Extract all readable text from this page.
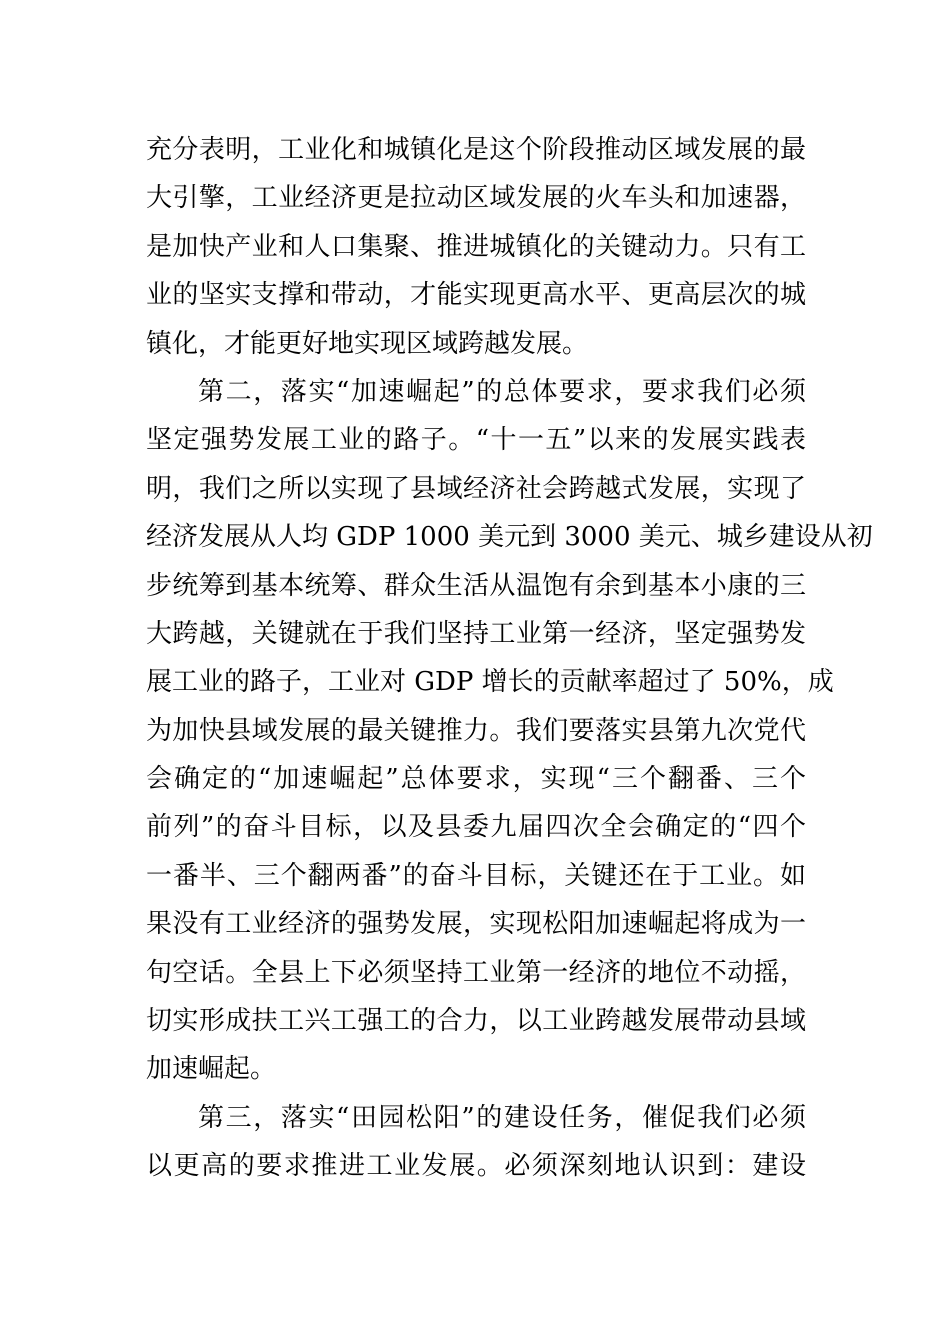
充分表明，工业化和城镇化是这个阶段推动区域发展的最
大引擎，工业经济更是拉动区域发展的火车头和加速器，
是加快产业和人口集聚、推进城镇化的关键动力。只有工
业的坚实支撑和带动，才能实现更高水平、更高层次的城
镇化，才能更好地实现区域跨越发展。
第二，落实“加速崛起”的总体要求，要求我们必须
坚定强势发展工业的路子。“十一五”以来的发展实践表
明，我们之所以实现了县域经济社会跨越式发展，实现了
经济发展从人均 GDP 1000 美元到 3000 美元、城乡建设从初
步统筹到基本统筹、群众生活从温饱有余到基本小康的三
大跨越，关键就在于我们坚持工业第一经济，坚定强势发
展工业的路子，工业对 GDP 增长的贡献率超过了 50%，成
为加快县域发展的最关键推力。我们要落实县第九次党代
会确定的“加速崛起”总体要求，实现“三个翻番、三个
前列”的奋斗目标，以及县委九届四次全会确定的“四个
一番半、三个翻两番”的奋斗目标，关键还在于工业。如
果没有工业经济的强势发展，实现松阳加速崛起将成为一
句空话。全县上下必须坚持工业第一经济的地位不动摇，
切实形成扶工兴工强工的合力，以工业跨越发展带动县域
加速崛起。
第三，落实“田园松阳”的建设任务，催促我们必须
以更高的要求推进工业发展。必须深刻地认识到：建设
